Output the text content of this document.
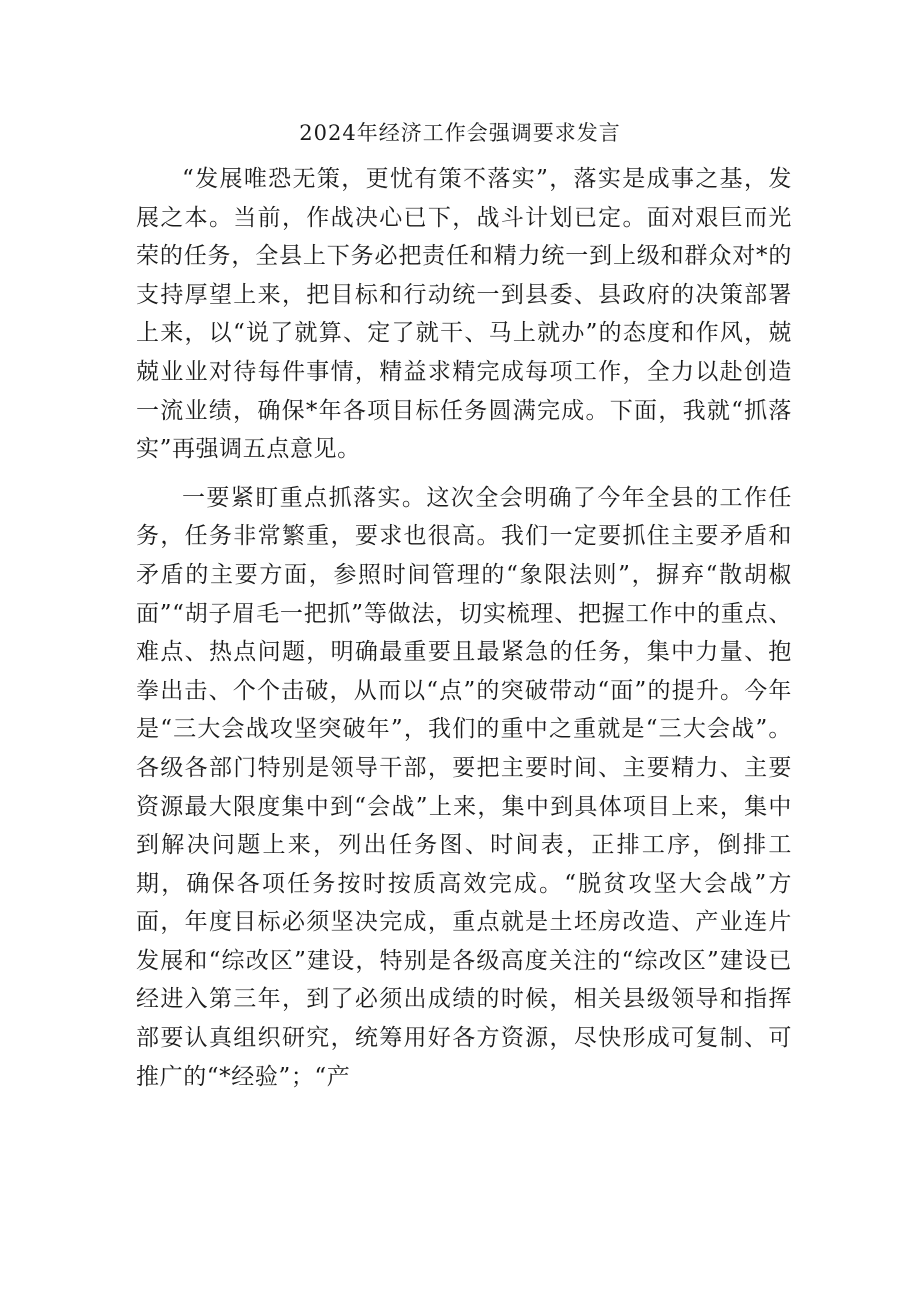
2024年经济工作会强调要求发言

“发展唯恐无策，更忧有策不落实”，落实是成事之基，发展之本。当前，作战决心已下，战斗计划已定。面对艰巨而光荣的任务，全县上下务必把责任和精力统一到上级和群众对*的支持厚望上来，把目标和行动统一到县委、县政府的决策部署上来，以“说了就算、定了就干、马上就办”的态度和作风，兢兢业业对待每件事情，精益求精完成每项工作，全力以赴创造一流业绩，确保*年各项目标任务圆满完成。下面，我就“抓落实”再强调五点意见。

一要紧盯重点抓落实。这次全会明确了今年全县的工作任务，任务非常繁重，要求也很高。我们一定要抓住主要矛盾和矛盾的主要方面，参照时间管理的“象限法则”，摒弃“散胡椒面”“胡子眉毛一把抓”等做法，切实梳理、把握工作中的重点、难点、热点问题，明确最重要且最紧急的任务，集中力量、抱拳出击、个个击破，从而以“点”的突破带动“面”的提升。今年是“三大会战攻坚突破年”，我们的重中之重就是“三大会战”。各级各部门特别是领导干部，要把主要时间、主要精力、主要资源最大限度集中到“会战”上来，集中到具体项目上来，集中到解决问题上来，列出任务图、时间表，正排工序，倒排工期，确保各项任务按时按质高效完成。“脱贫攻坚大会战”方面，年度目标必须坚决完成，重点就是土坯房改造、产业连片发展和“综改区”建设，特别是各级高度关注的“综改区”建设已经进入第三年，到了必须出成绩的时候，相关县级领导和指挥部要认真组织研究，统筹用好各方资源，尽快形成可复制、可推广的“*经验”；“产
